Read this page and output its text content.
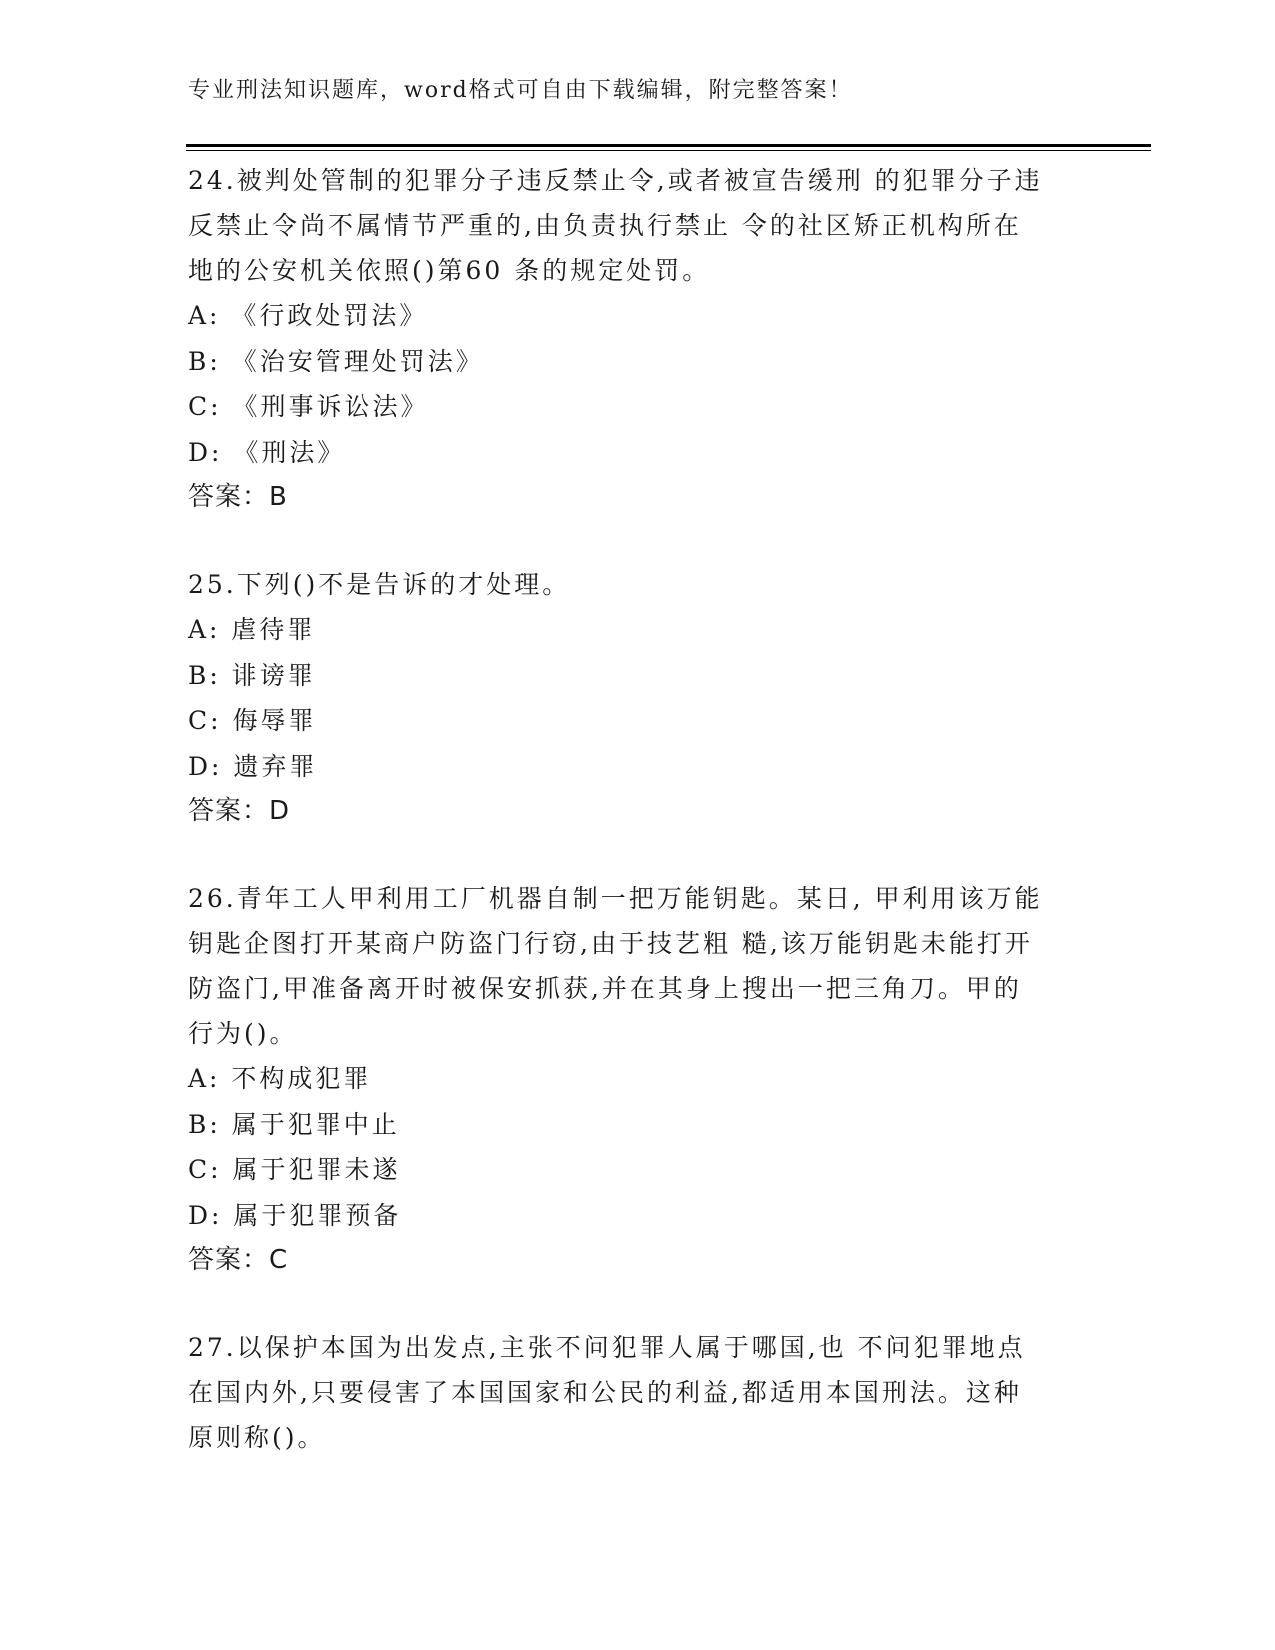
专业刑法知识题库，word格式可自由下载编辑，附完整答案！
24.被判处管制的犯罪分子违反禁止令,或者被宣告缓刑 的犯罪分子违
反禁止令尚不属情节严重的,由负责执行禁止 令的社区矫正机构所在
地的公安机关依照()第60 条的规定处罚。
A: 《行政处罚法》
B: 《治安管理处罚法》
C: 《刑事诉讼法》
D: 《刑法》
答案：B
25.下列()不是告诉的才处理。
A: 虐待罪
B: 诽谤罪
C: 侮辱罪
D: 遗弃罪
答案：D
26.青年工人甲利用工厂机器自制一把万能钥匙。某日, 甲利用该万能
钥匙企图打开某商户防盗门行窃,由于技艺粗 糙,该万能钥匙未能打开
防盗门,甲准备离开时被保安抓获,并在其身上搜出一把三角刀。甲的
行为()。
A: 不构成犯罪
B: 属于犯罪中止
C: 属于犯罪未遂
D: 属于犯罪预备
答案：C
27.以保护本国为出发点,主张不问犯罪人属于哪国,也 不问犯罪地点
在国内外,只要侵害了本国国家和公民的利益,都适用本国刑法。这种
原则称()。
